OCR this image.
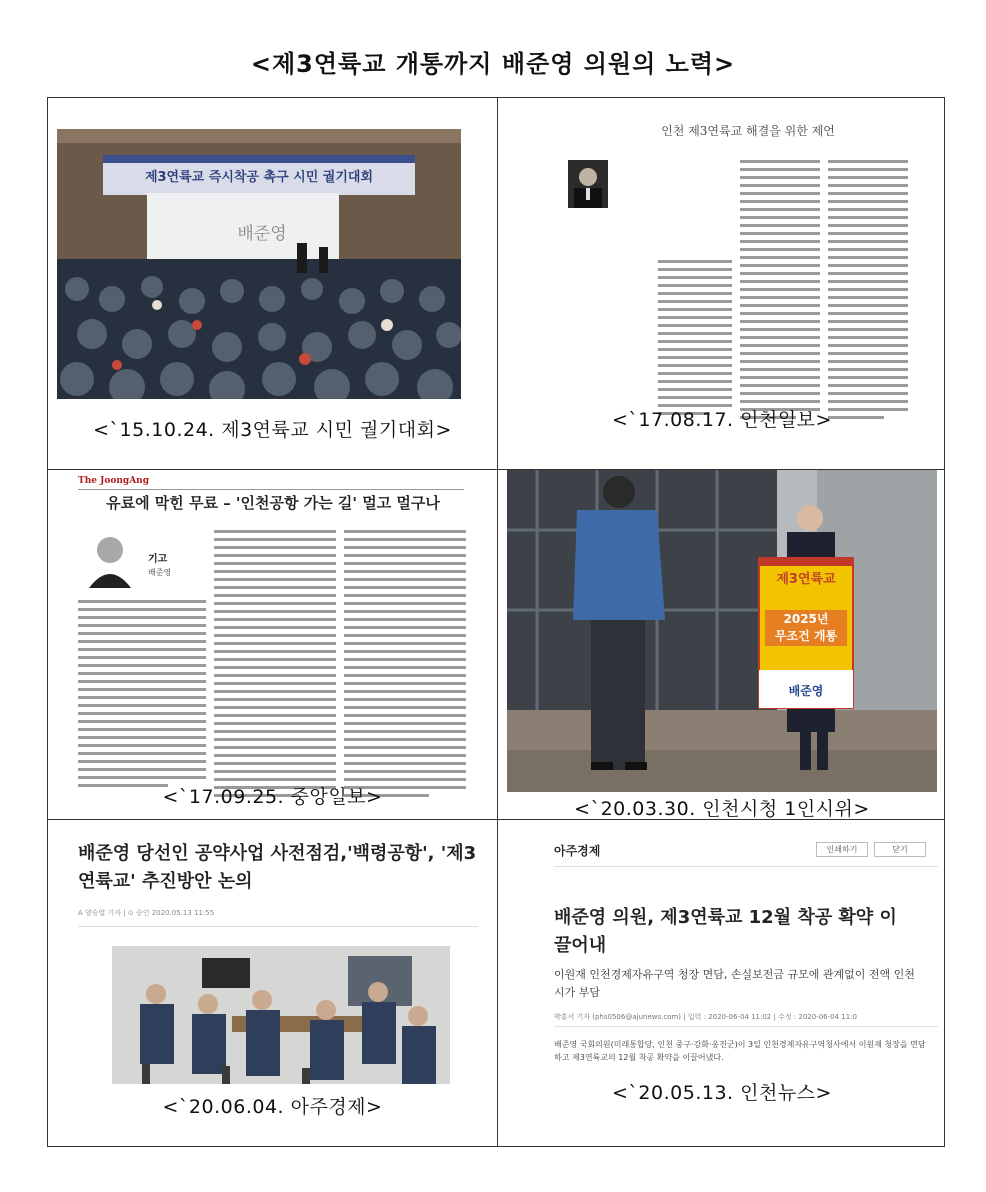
<제3연륙교 개통까지 배준영 의원의 노력>
제3연륙교 즉시착공 촉구 시민 궐기대회
배준영
<`15.10.24. 제3연륙교 시민 궐기대회>
인천 제3연륙교 해결을 위한 제언
<`17.08.17. 인천일보>
The JoongAng
유료에 막힌 무료 – '인천공항 가는 길' 멀고 멀구나
기고
배준영
<`17.09.25. 중앙일보>
제3연륙교
2025년
무조건 개통
배준영
<`20.03.30. 인천시청 1인시위>
배준영 당선인 공약사업 사전점검,'백령공항', '제3연륙교' 추진방안 논의
A 양승열 기자 | ⊙ 승인 2020.05.13 11:55
<`20.06.04. 아주경제>
아주경제	인쇄하기	닫기
배준영 의원, 제3연륙교 12월 착공 확약 이끌어내
이원재 인천경제자유구역 청장 면담, 손실보전금 규모에 관계없이 전액 인천시가 부담
박흥서 기자 (phs0506@ajunews.com) | 입력 : 2020-06-04 11:02 | 수정 : 2020-06-04 11:0
배준영 국회의원(미래통합당, 인천 중구·강화·옹진군)이 3일 인천경제자유구역청사에서 이원재 청장을 면담하고 제3연륙교의 12월 착공 확약을 이끌어냈다.
<`20.05.13. 인천뉴스>
